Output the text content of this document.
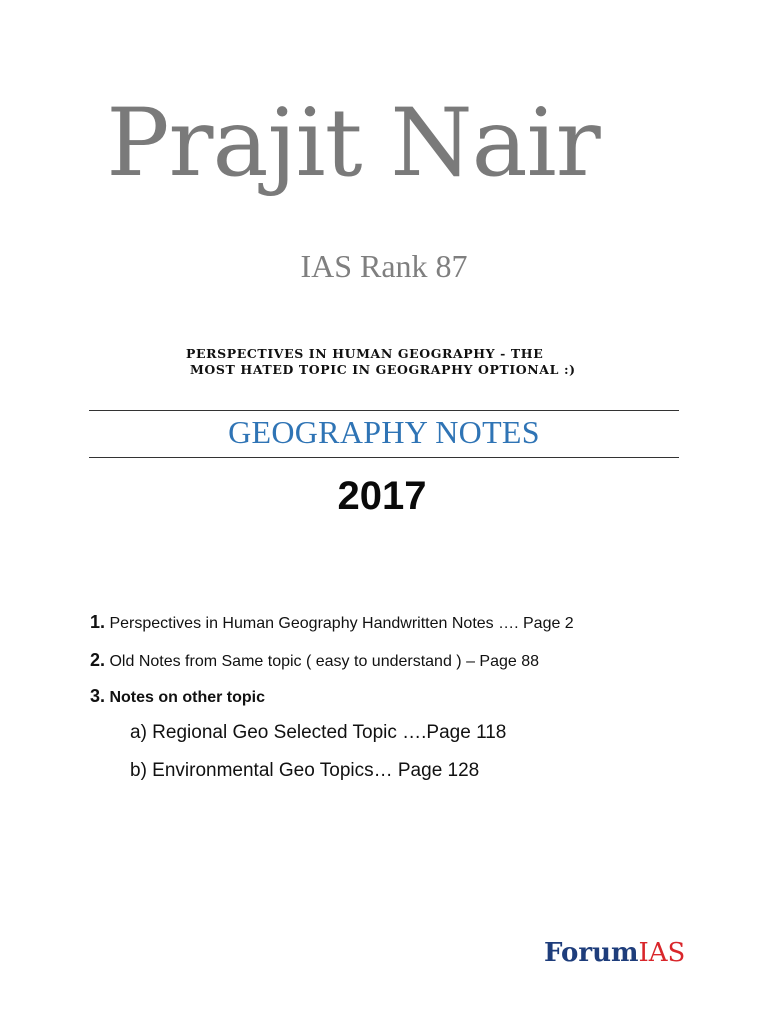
Prajit Nair
IAS Rank 87
PERSPECTIVES IN HUMAN GEOGRAPHY - THE
MOST HATED TOPIC IN GEOGRAPHY OPTIONAL :)
GEOGRAPHY NOTES
2017
1. Perspectives in Human Geography Handwritten Notes …. Page 2
2. Old Notes from Same topic ( easy to understand ) – Page 88
3. Notes on other topic
a) Regional Geo Selected Topic ….Page 118
b) Environmental Geo Topics… Page 128
ForumIAS
